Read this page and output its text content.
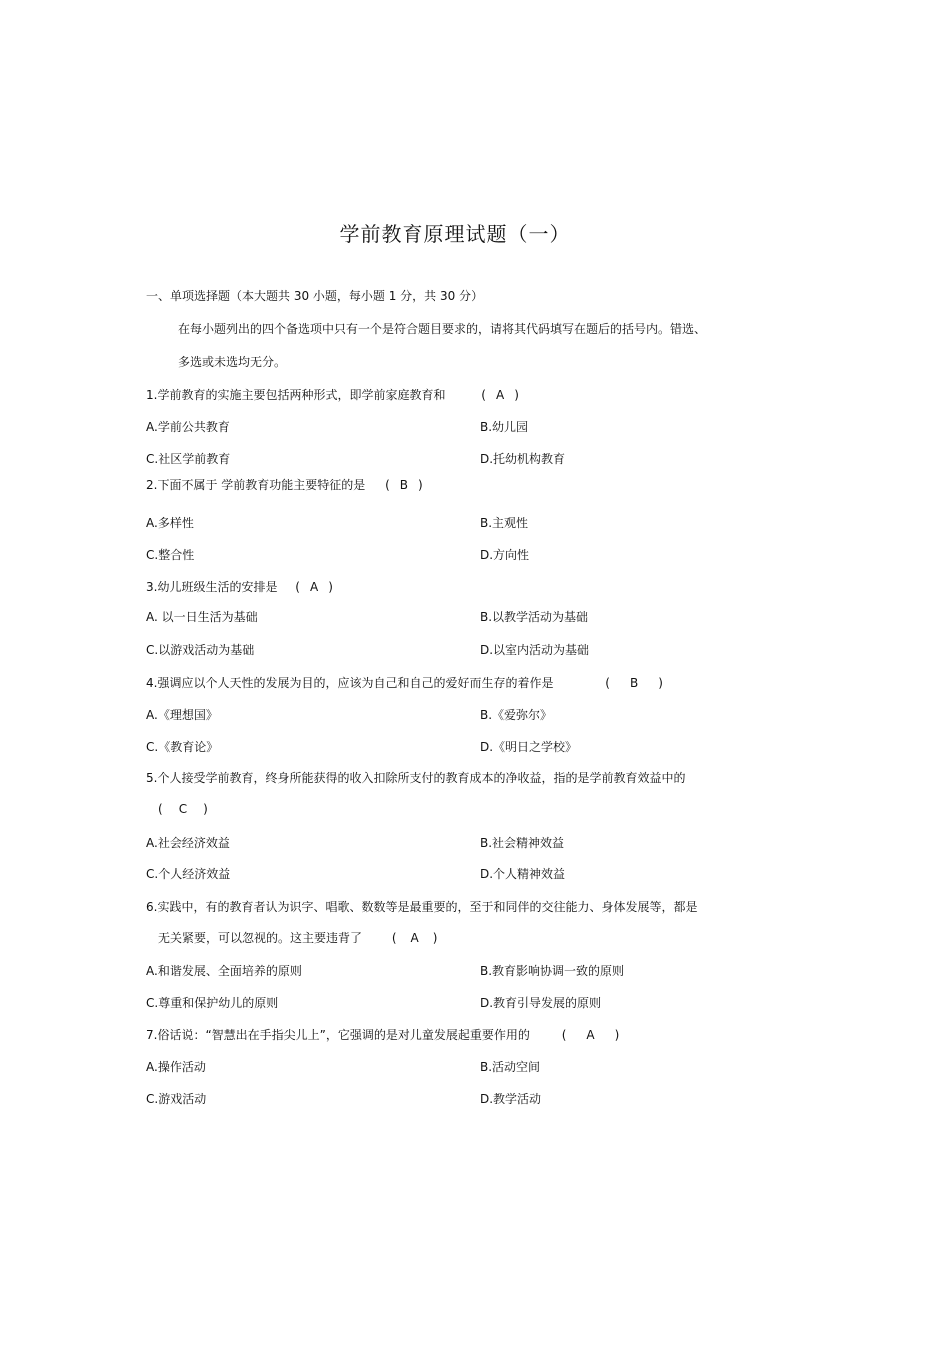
学前教育原理试题（一）
一、单项选择题（本大题共 30 小题，每小题 1 分，共 30 分）
在每小题列出的四个备选项中只有一个是符合题目要求的，请将其代码填写在题后的括号内。错选、
多选或未选均无分。
1.学前教育的实施主要包括两种形式，即学前家庭教育和	( A )
A.学前公共教育	B.幼儿园
C.社区学前教育	D.托幼机构教育
2.下面不属于 学前教育功能主要特征的是 ( B )
A.多样性	B.主观性
C.整合性	D.方向性
3.幼儿班级生活的安排是 ( A )
A. 以一日生活为基础	B.以教学活动为基础
C.以游戏活动为基础	D.以室内活动为基础
4.强调应以个人天性的发展为目的，应该为自己和自己的爱好而生存的着作是	( B )
A.《理想国》	B.《爱弥尔》
C.《教育论》	D.《明日之学校》
5.个人接受学前教育，终身所能获得的收入扣除所支付的教育成本的净收益，指的是学前教育效益中的
( C )
A.社会经济效益	B.社会精神效益
C.个人经济效益	D.个人精神效益
6.实践中，有的教育者认为识字、唱歌、数数等是最重要的，至于和同伴的交往能力、身体发展等，都是
无关紧要，可以忽视的。这主要违背了 ( A )
A.和谐发展、全面培养的原则	B.教育影响协调一致的原则
C.尊重和保护幼儿的原则	D.教育引导发展的原则
7.俗话说：“智慧出在手指尖儿上”，它强调的是对儿童发展起重要作用的	( A )
A.操作活动	B.活动空间
C.游戏活动	D.教学活动
